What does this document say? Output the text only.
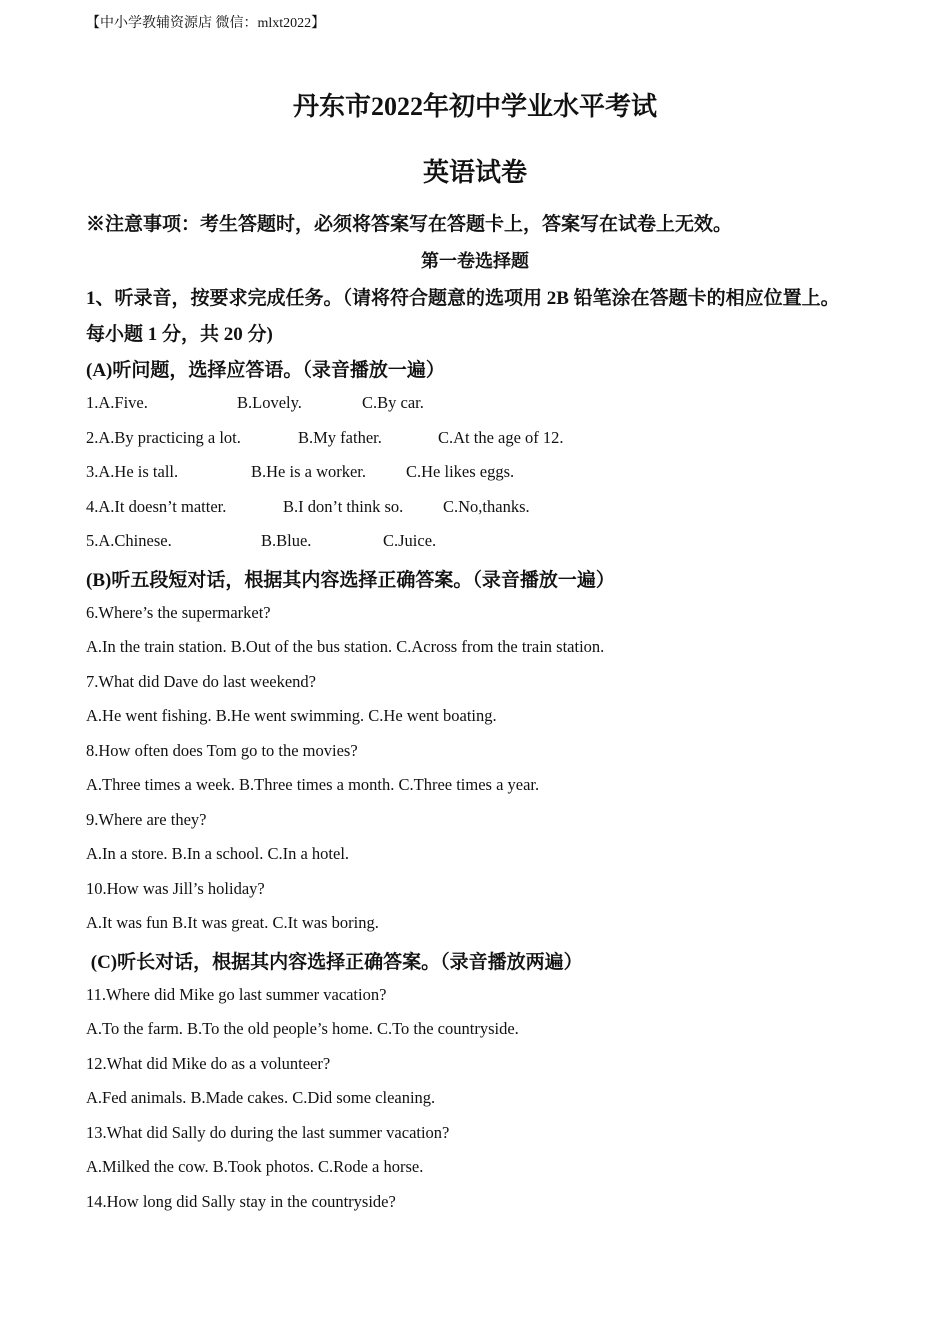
【中小学教辅资源店 微信：mlxt2022】
丹东市2022年初中学业水平考试
英语试卷
※注意事项：考生答题时，必须将答案写在答题卡上，答案写在试卷上无效。
第一卷选择题
1、听录音，按要求完成任务。（请将符合题意的选项用 2B 铅笔涂在答题卡的相应位置上。
每小题 1 分，共 20 分)
(A)听问题，选择应答语。（录音播放一遍）
1.A.Five.	B.Lovely.	C.By car.
2.A.By practicing a lot.	B.My father.	C.At the age of 12.
3.A.He is tall.	B.He is a worker. C.He likes eggs.
4.A.It doesn’t matter.	B.I don’t think so. C.No,thanks.
5.A.Chinese.	B.Blue.	C.Juice.
(B)听五段短对话，根据其内容选择正确答案。（录音播放一遍）
6.Where’s the supermarket?
A.In the train station. B.Out of the bus station. C.Across from the train station.
7.What did Dave do last weekend?
A.He went fishing. B.He went swimming. C.He went boating.
8.How often does Tom go to the movies?
A.Three times a week. B.Three times a month. C.Three times a year.
9.Where are they?
A.In a store. B.In a school. C.In a hotel.
10.How was Jill’s holiday?
A.It was fun B.It was great. C.It was boring.
(C)听长对话，根据其内容选择正确答案。（录音播放两遍）
11.Where did Mike go last summer vacation?
A.To the farm. B.To the old people’s home. C.To the countryside.
12.What did Mike do as a volunteer?
A.Fed animals. B.Made cakes. C.Did some cleaning.
13.What did Sally do during the last summer vacation?
A.Milked the cow. B.Took photos. C.Rode a horse.
14.How long did Sally stay in the countryside?
